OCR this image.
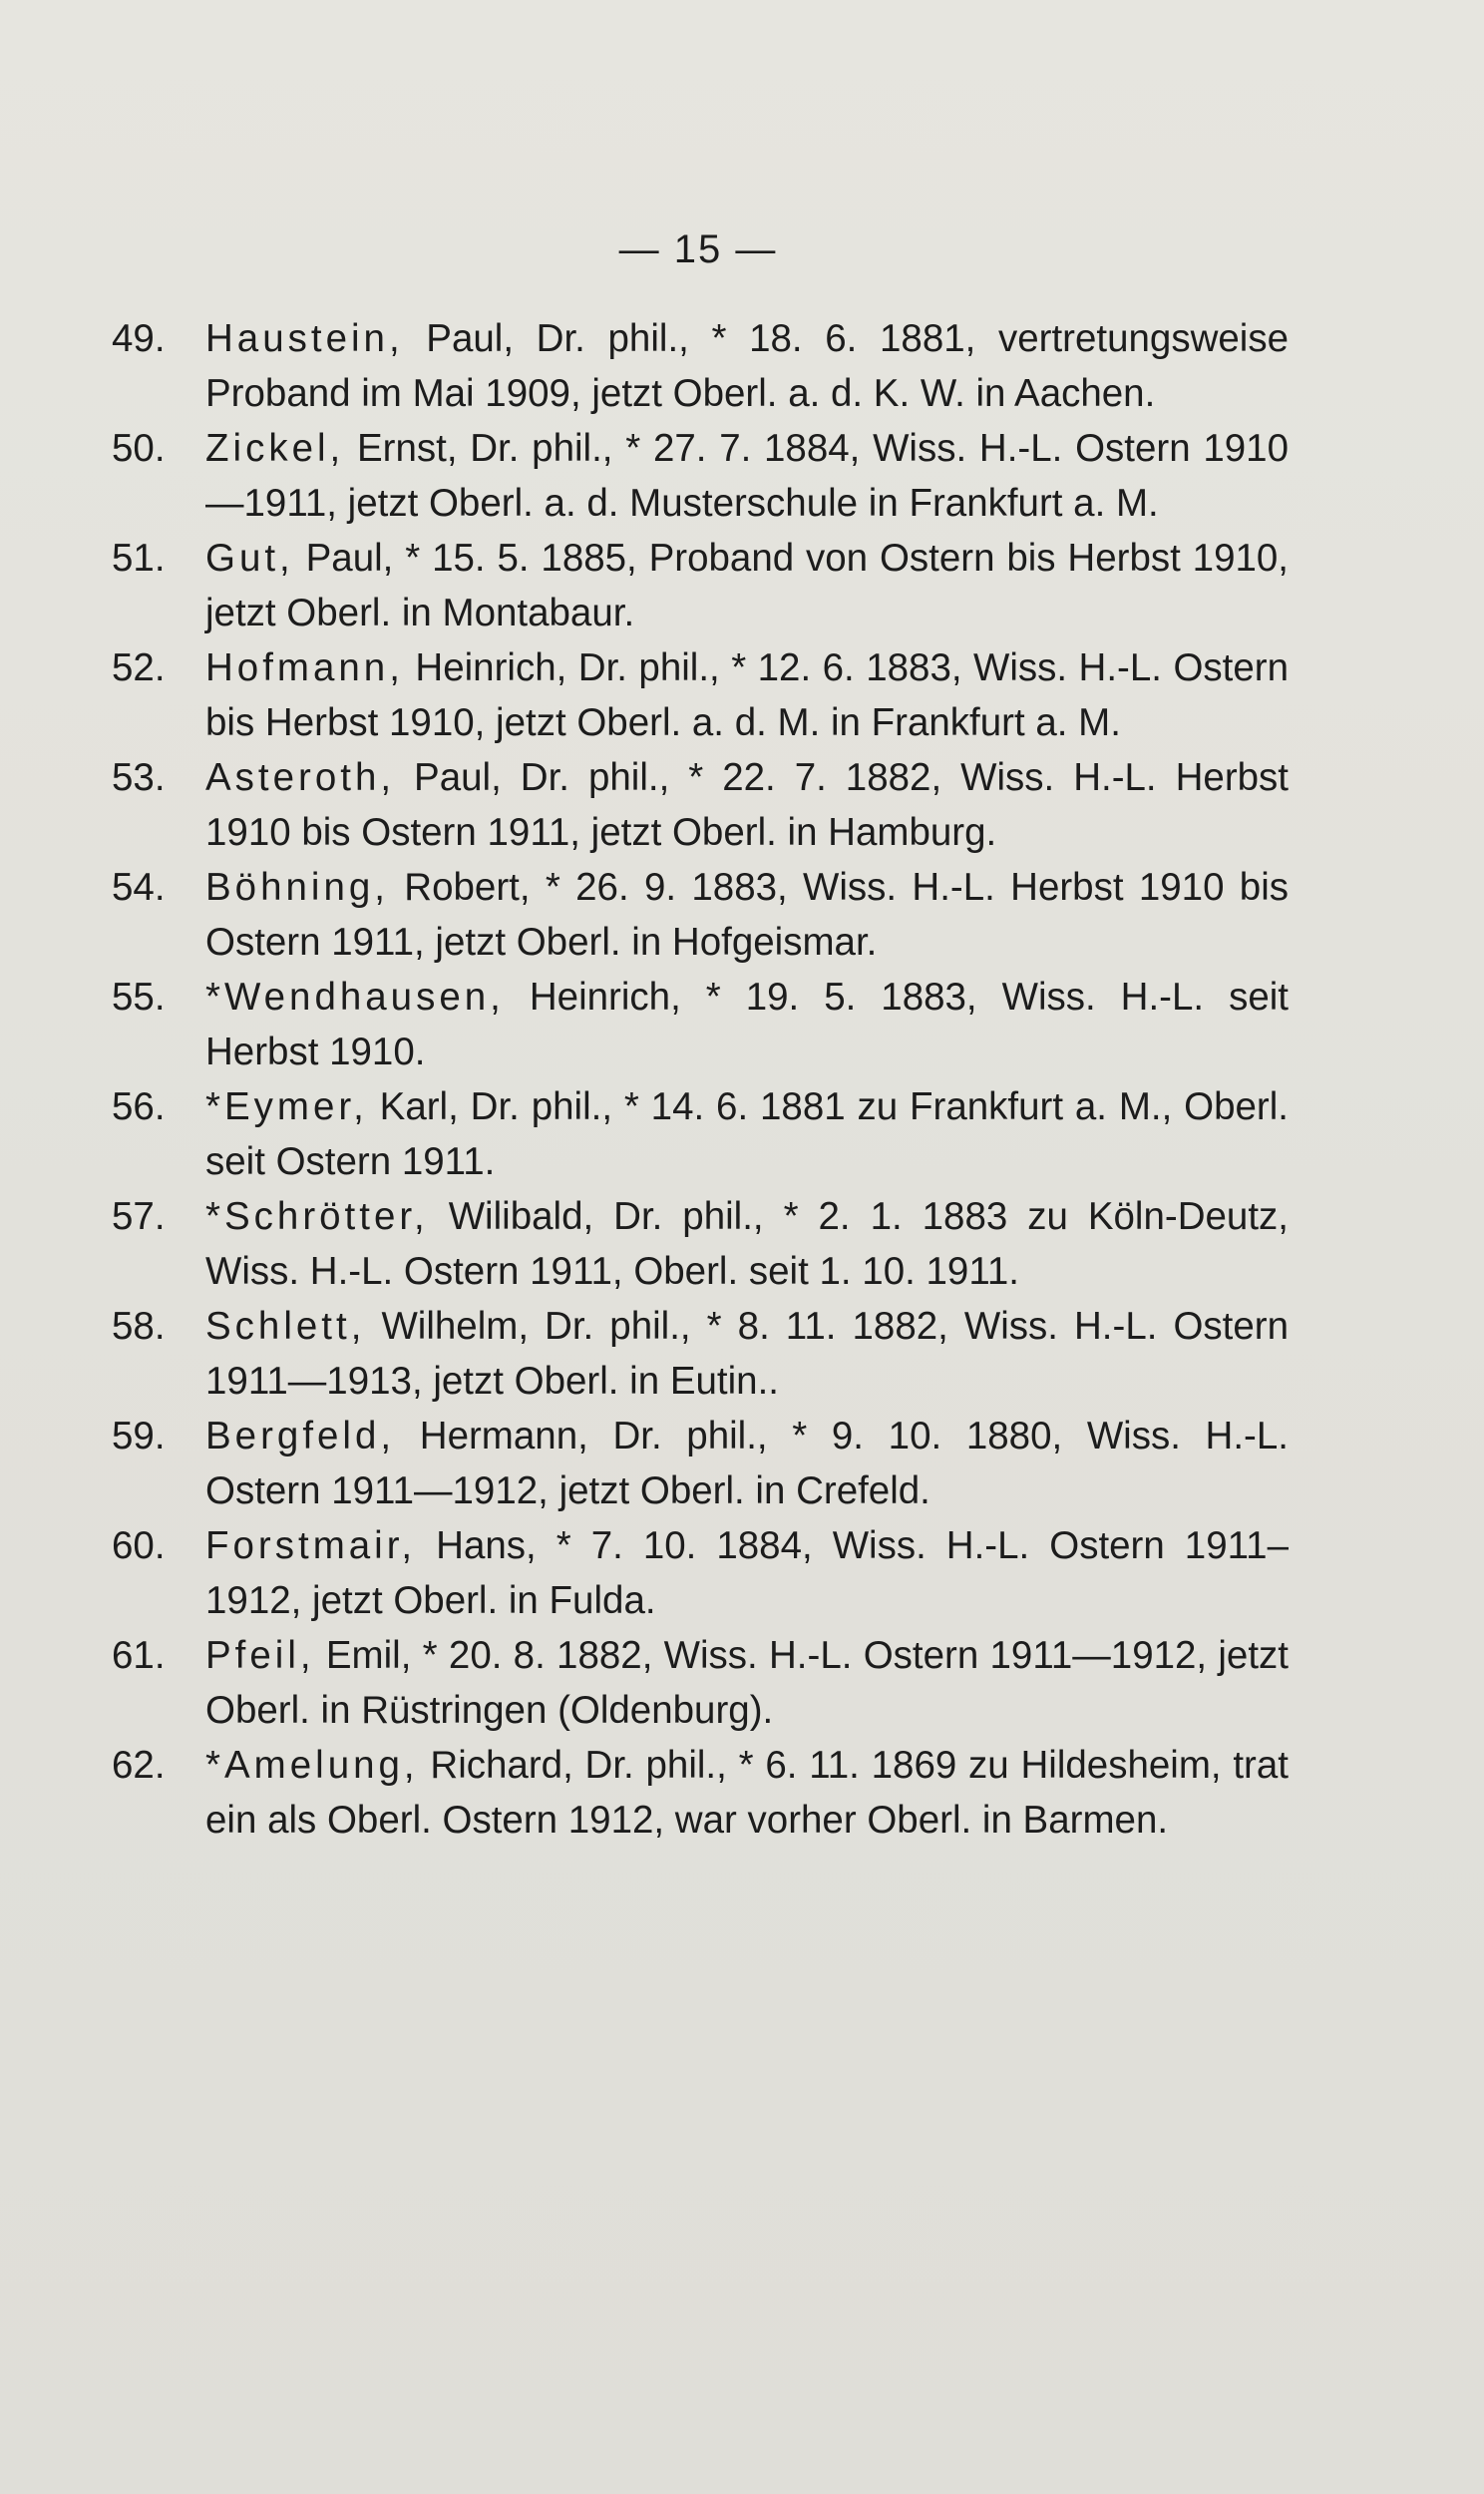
— 15 —
49.	Haustein, Paul, Dr. phil., * 18. 6. 1881, vertretungsweise Proband im Mai 1909, jetzt Oberl. a. d. K. W. in Aachen.
50.	Zickel, Ernst, Dr. phil., * 27. 7. 1884, Wiss. H.-L. Ostern 1910—1911, jetzt Oberl. a. d. Musterschule in Frankfurt a. M.
51.	Gut, Paul, * 15. 5. 1885, Proband von Ostern bis Herbst 1910, jetzt Oberl. in Montabaur.
52.	Hofmann, Heinrich, Dr. phil., * 12. 6. 1883, Wiss. H.-L. Ostern bis Herbst 1910, jetzt Oberl. a. d. M. in Frankfurt a. M.
53.	Asteroth, Paul, Dr. phil., * 22. 7. 1882, Wiss. H.-L. Herbst 1910 bis Ostern 1911, jetzt Oberl. in Hamburg.
54.	Böhning, Robert, * 26. 9. 1883, Wiss. H.-L. Herbst 1910 bis Ostern 1911, jetzt Oberl. in Hofgeismar.
55.	*Wendhausen, Heinrich, * 19. 5. 1883, Wiss. H.-L. seit Herbst 1910.
56.	*Eymer, Karl, Dr. phil., * 14. 6. 1881 zu Frankfurt a. M., Oberl. seit Ostern 1911.
57.	*Schrötter, Wilibald, Dr. phil., * 2. 1. 1883 zu Köln-Deutz, Wiss. H.-L. Ostern 1911, Oberl. seit 1. 10. 1911.
58.	Schlett, Wilhelm, Dr. phil., * 8. 11. 1882, Wiss. H.-L. Ostern 1911—1913, jetzt Oberl. in Eutin..
59.	Bergfeld, Hermann, Dr. phil., * 9. 10. 1880, Wiss. H.-L. Ostern 1911—1912, jetzt Oberl. in Crefeld.
60.	Forstmair, Hans, * 7. 10. 1884, Wiss. H.-L. Ostern 1911– 1912, jetzt Oberl. in Fulda.
61.	Pfeil, Emil, * 20. 8. 1882, Wiss. H.-L. Ostern 1911—1912, jetzt Oberl. in Rüstringen (Oldenburg).
62.	*Amelung, Richard, Dr. phil., * 6. 11. 1869 zu Hildesheim, trat ein als Oberl. Ostern 1912, war vorher Oberl. in Barmen.
